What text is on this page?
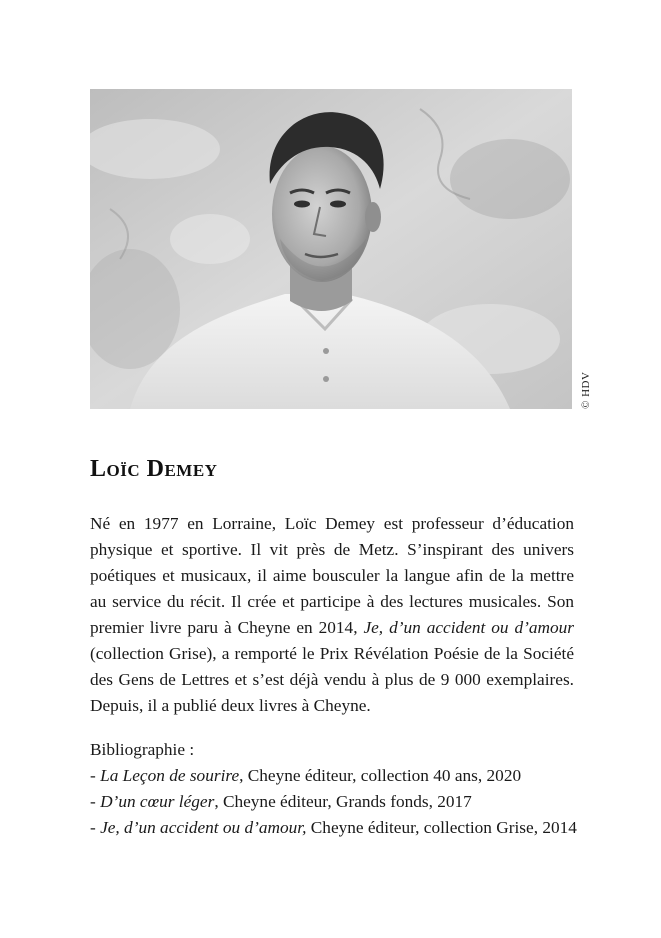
© HDV
Loïc Demey

Né en 1977 en Lorraine, Loïc Demey est professeur d’éducation physique et sportive. Il vit près de Metz. S’inspirant des univers poétiques et musicaux, il aime bousculer la langue afin de la mettre au service du récit. Il crée et participe à des lectures musicales. Son premier livre paru à Cheyne en 2014, Je, d’un accident ou d’amour (collection Grise), a remporté le Prix Révélation Poésie de la Société des Gens de Lettres et s’est déjà vendu à plus de 9 000 exemplaires. Depuis, il a publié deux livres à Cheyne.

Bibliographie :
- La Leçon de sourire, Cheyne éditeur, collection 40 ans, 2020
- D’un cœur léger, Cheyne éditeur, Grands fonds, 2017
- Je, d’un accident ou d’amour, Cheyne éditeur, collection Grise, 2014
